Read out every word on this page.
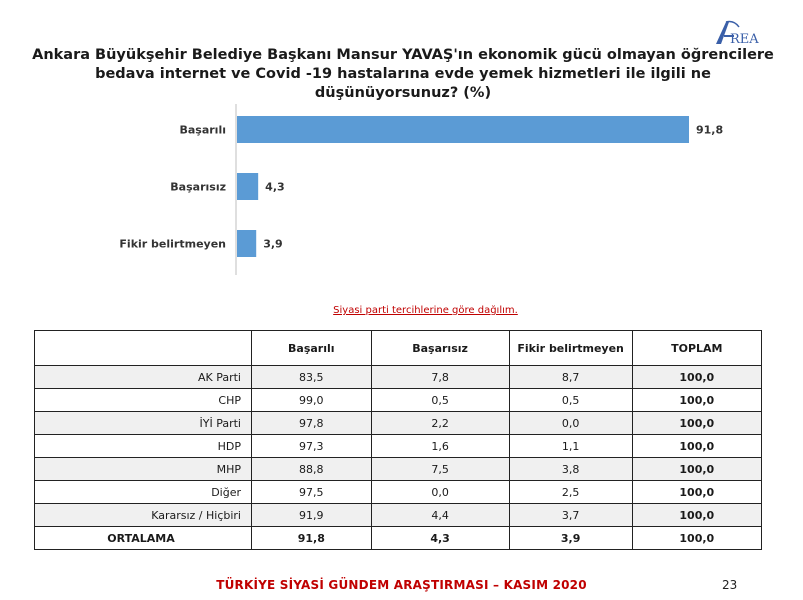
REA
Ankara Büyükşehir Belediye Başkanı Mansur YAVAŞ'ın ekonomik gücü olmayan öğrencilere bedava internet ve Covid -19 hastalarına evde yemek hizmetleri ile ilgili ne düşünüyorsunuz? (%)
Başarılı	91,8
Başarısız	4,3
Fikir belirtmeyen	3,9
Siyasi parti tercihlerine göre dağılım.
	Başarılı	Başarısız	Fikir belirtmeyen	TOPLAM
AK Parti	83,5	7,8	8,7	100,0
CHP	99,0	0,5	0,5	100,0
İYİ Parti	97,8	2,2	0,0	100,0
HDP	97,3	1,6	1,1	100,0
MHP	88,8	7,5	3,8	100,0
Diğer	97,5	0,0	2,5	100,0
Kararsız / Hiçbiri	91,9	4,4	3,7	100,0
ORTALAMA	91,8	4,3	3,9	100,0
TÜRKİYE SİYASİ GÜNDEM ARAŞTIRMASI – KASIM 2020	23
